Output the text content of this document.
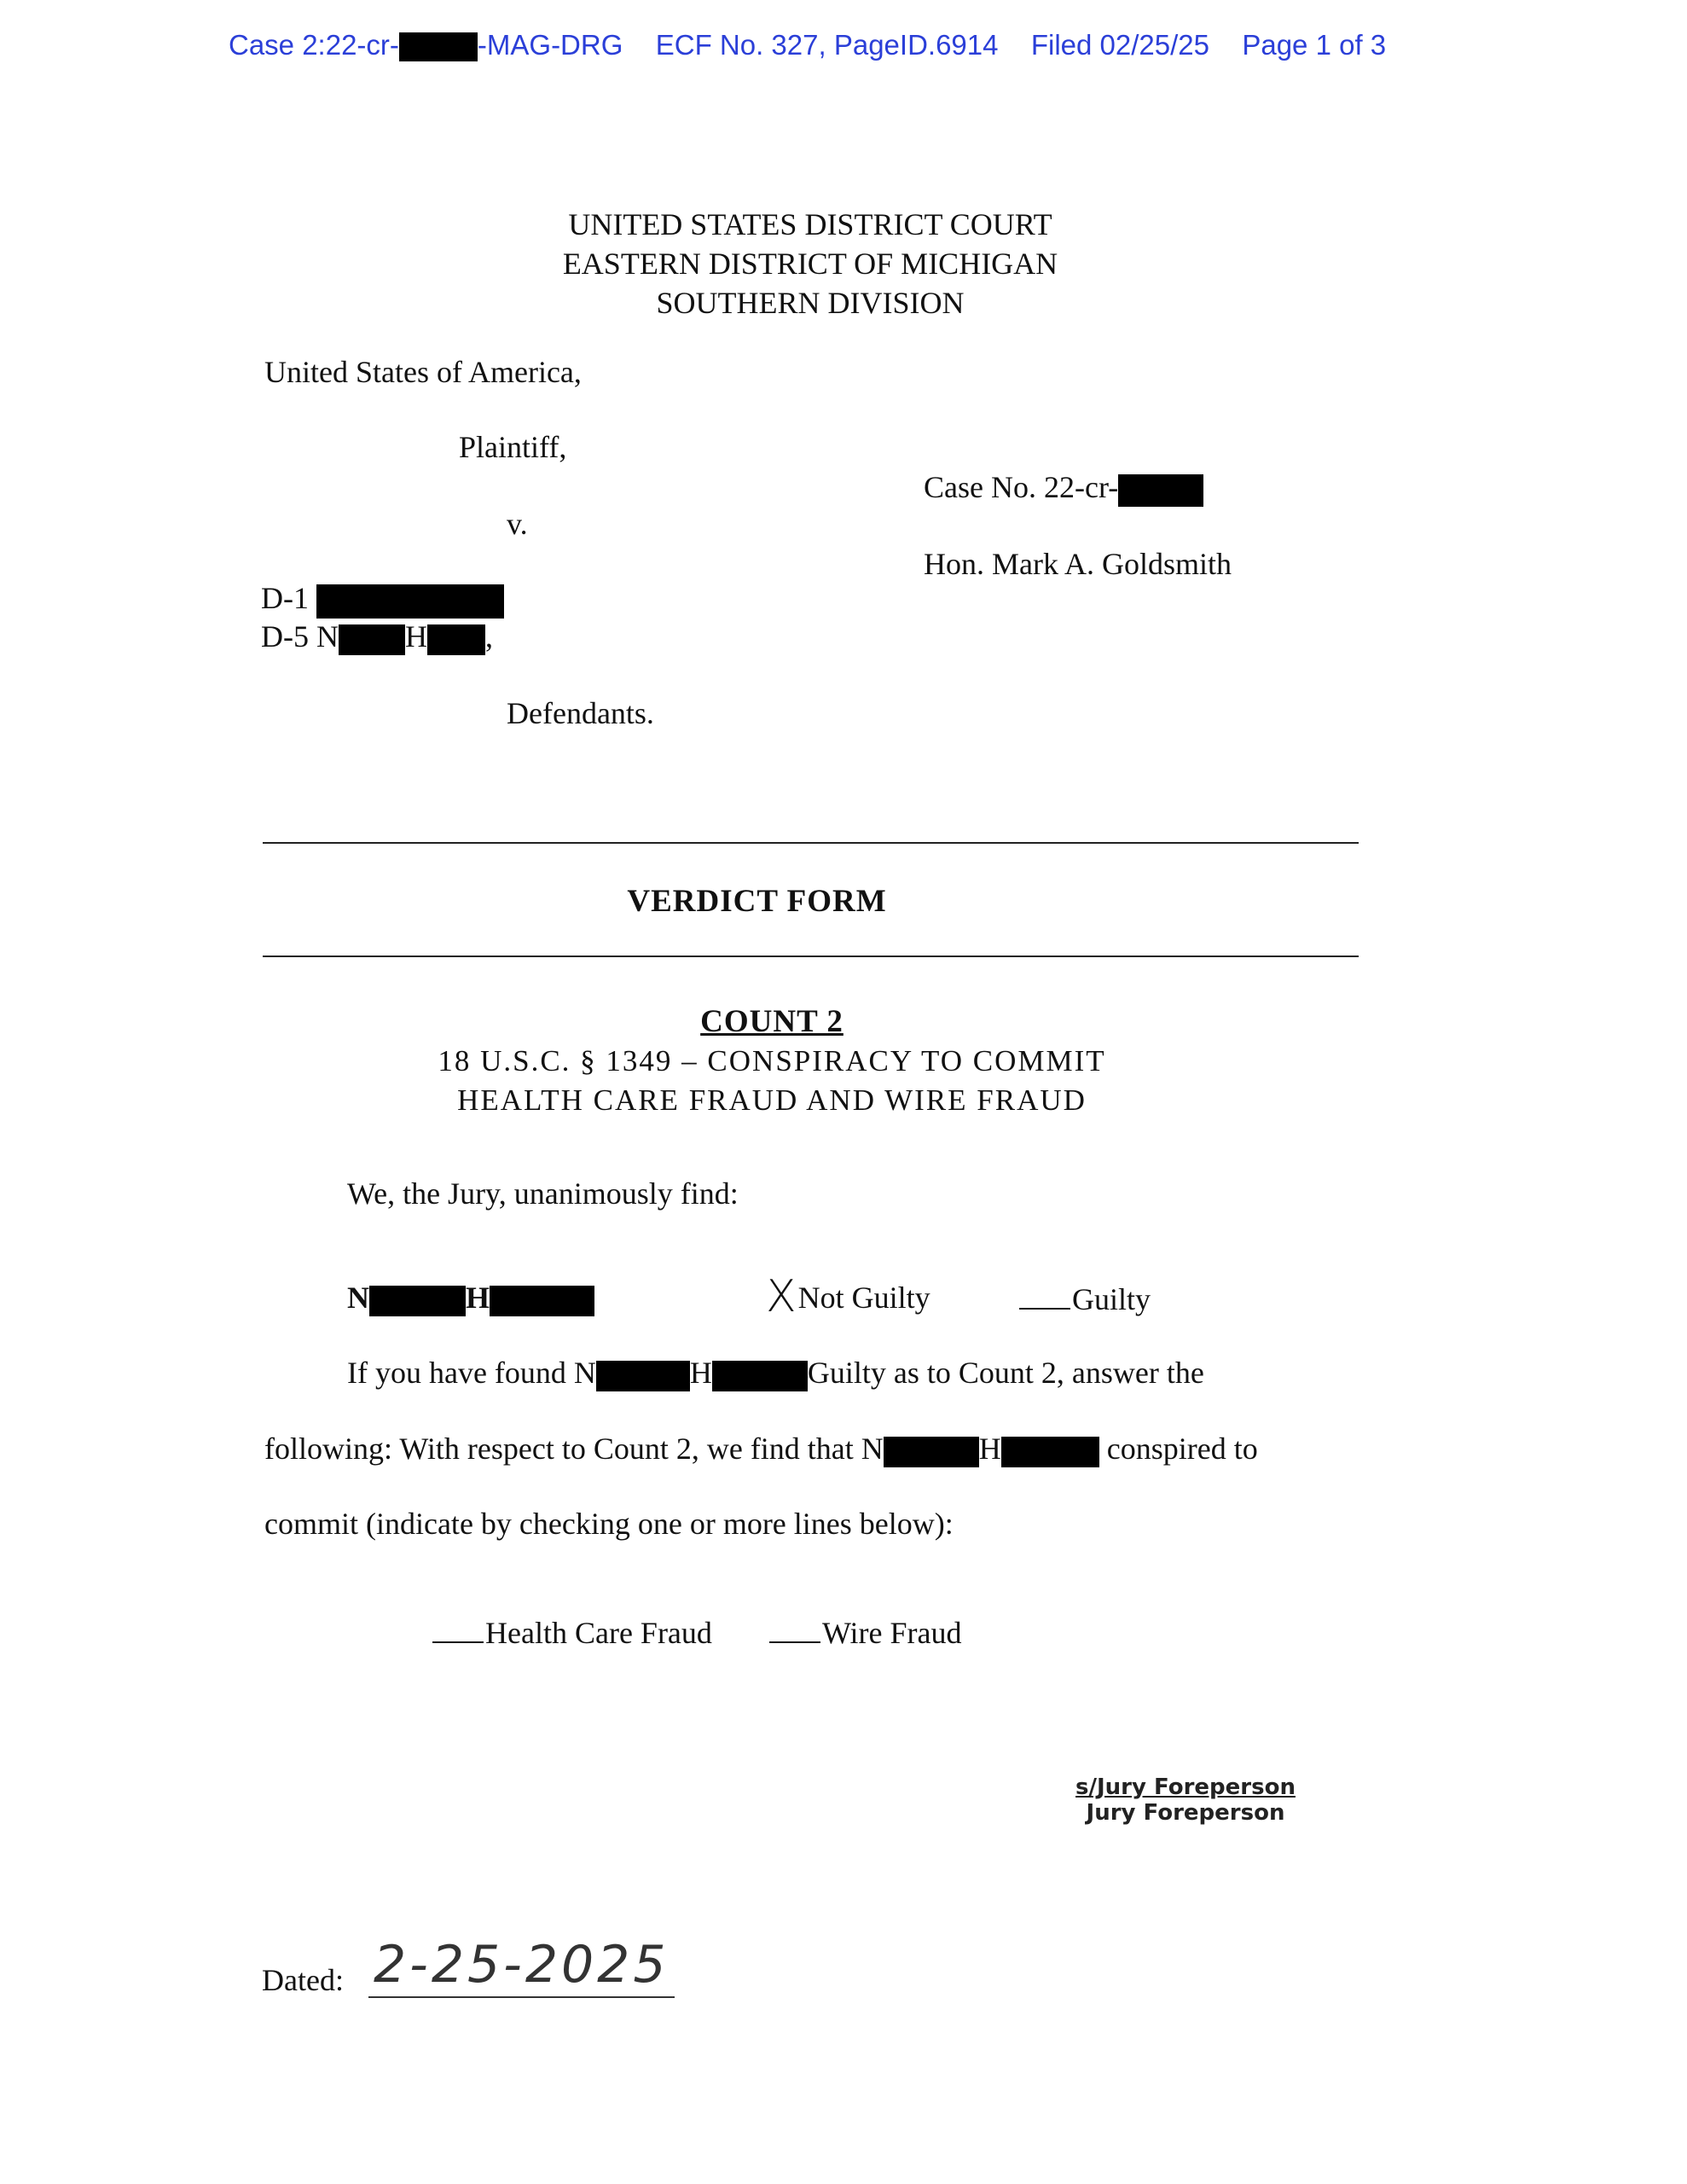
Case 2:22-cr-	-MAG-DRG ECF No. 327, PageID.6914 Filed 02/25/25 Page 1 of 3
UNITED STATES DISTRICT COURT
EASTERN DISTRICT OF MICHIGAN
SOUTHERN DIVISION
United States of America,
Plaintiff,
v.
D-1
D-5 N H ,
Defendants.
Case No. 22-cr-
Hon. Mark A. Goldsmith
VERDICT FORM
COUNT 2
18 U.S.C. § 1349 – CONSPIRACY TO COMMIT
HEALTH CARE FRAUD AND WIRE FRAUD
We, the Jury, unanimously find:
N	H	XNot Guilty	Guilty
If you have found N	H	Guilty as to Count 2, answer the
following: With respect to Count 2, we find that N	H	conspired to
commit (indicate by checking one or more lines below):
Health Care Fraud	Wire Fraud
s/Jury Foreperson
Jury Foreperson
Dated: 2-25-2025
